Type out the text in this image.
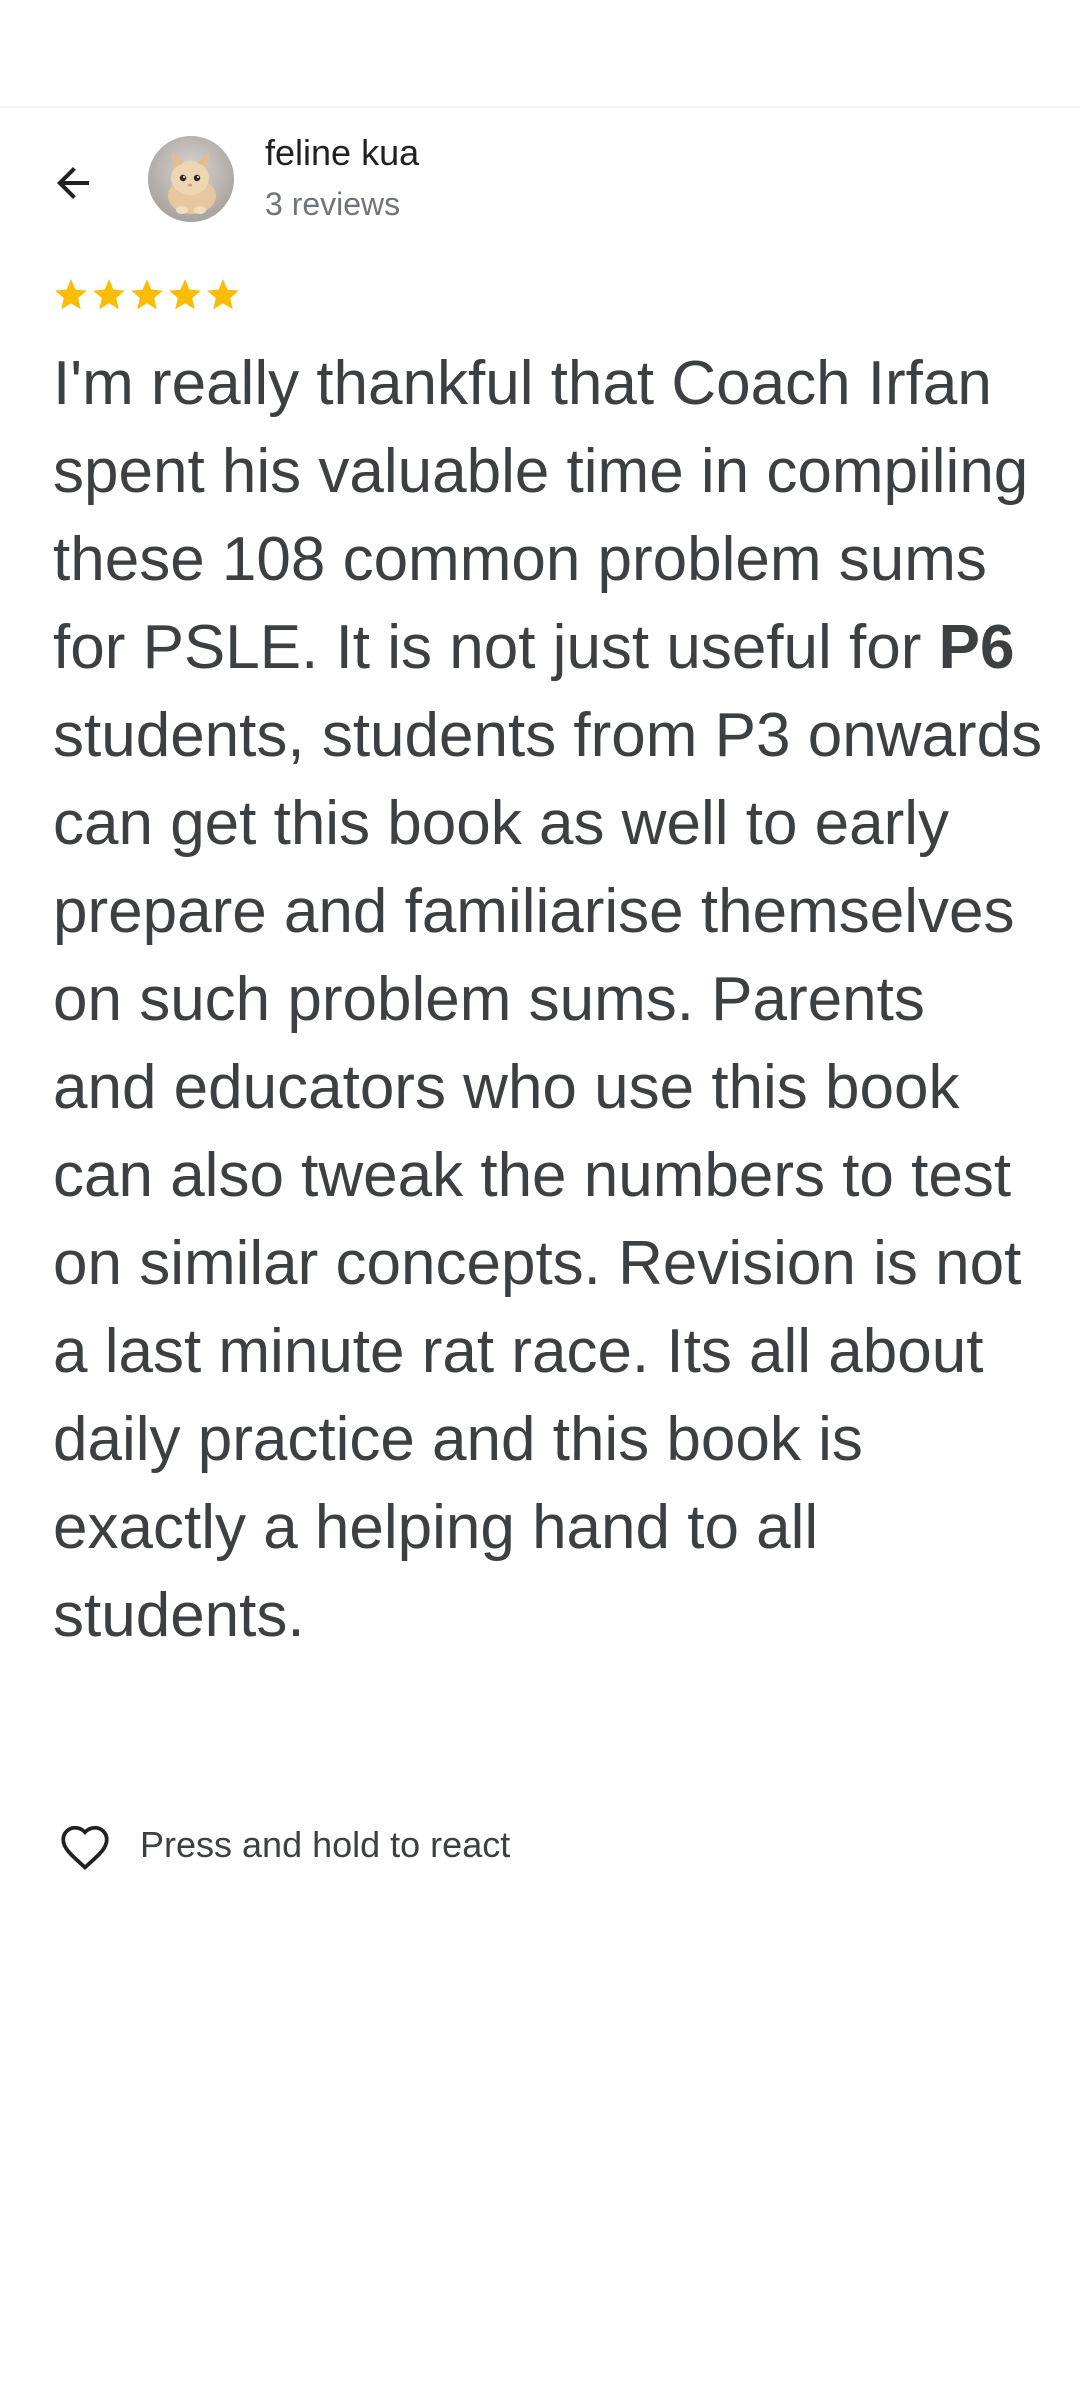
feline kua
3 reviews
I'm really thankful that Coach Irfan spent his valuable time in compiling these 108 common problem sums for PSLE. It is not just useful for P6 students, students from P3 onwards can get this book as well to early prepare and familiarise themselves on such problem sums. Parents and educators who use this book can also tweak the numbers to test on similar concepts. Revision is not a last minute rat race. Its all about daily practice and this book is exactly a helping hand to all students.
Press and hold to react
